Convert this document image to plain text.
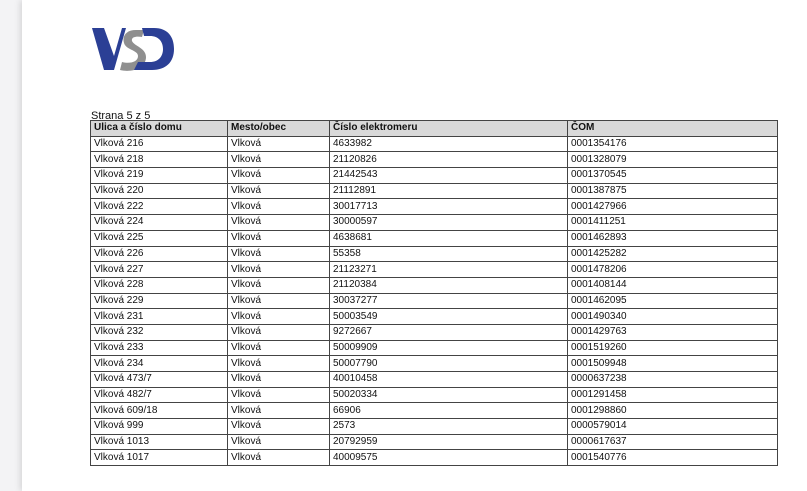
Strana 5 z 5
Ulica a číslo domu	Mesto/obec	Číslo elektromeru	ČOM
Vlková 216	Vlková	4633982	0001354176
Vlková 218	Vlková	21120826	0001328079
Vlková 219	Vlková	21442543	0001370545
Vlková 220	Vlková	21112891	0001387875
Vlková 222	Vlková	30017713	0001427966
Vlková 224	Vlková	30000597	0001411251
Vlková 225	Vlková	4638681	0001462893
Vlková 226	Vlková	55358	0001425282
Vlková 227	Vlková	21123271	0001478206
Vlková 228	Vlková	21120384	0001408144
Vlková 229	Vlková	30037277	0001462095
Vlková 231	Vlková	50003549	0001490340
Vlková 232	Vlková	9272667	0001429763
Vlková 233	Vlková	50009909	0001519260
Vlková 234	Vlková	50007790	0001509948
Vlková 473/7	Vlková	40010458	0000637238
Vlková 482/7	Vlková	50020334	0001291458
Vlková 609/18	Vlková	66906	0001298860
Vlková 999	Vlková	2573	0000579014
Vlková 1013	Vlková	20792959	0000617637
Vlková 1017	Vlková	40009575	0001540776
